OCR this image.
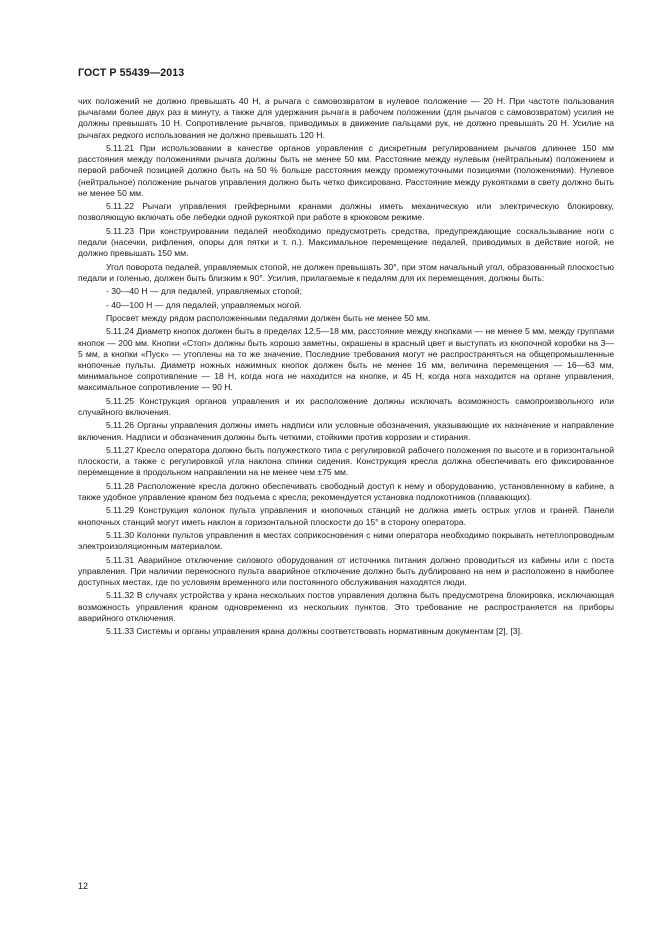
ГОСТ Р 55439—2013

чих положений не должно превышать 40 Н, а рычага с самовозвратом в нулевое положение — 20 Н. При частоте пользования рычагами более двух раз в минуту, а также для удержания рычага в рабочем положении (для рычагов с самовозвратом) усилия не должны превышать 10 Н. Сопротивление рычагов, приводимых в движение пальцами рук, не должно превышать 20 Н. Усилие на рычагах редкого использования не должно превышать 120 Н.

5.11.21 При использовании в качестве органов управления с дискретным регулированием рычагов длиннее 150 мм расстояния между положениями рычага должны быть не менее 50 мм. Расстояние между нулевым (нейтральным) положением и первой рабочей позицией должно быть на 50 % больше расстояния между промежуточными позициями (положениями). Нулевое (нейтральное) положение рычагов управления должно быть четко фиксировано. Расстояние между рукоятками в свету должно быть не менее 50 мм.

5.11.22 Рычаги управления грейферными кранами должны иметь механическую или электрическую блокировку, позволяющую включать обе лебедки одной рукояткой при работе в крюковом режиме.

5.11.23 При конструировании педалей необходимо предусмотреть средства, предупреждающие соскальзывание ноги с педали (насечки, рифления, опоры для пятки и т. п.). Максимальное перемещение педалей, приводимых в действие ногой, не должно превышать 150 мм.

Угол поворота педалей, управляемых стопой, не должен превышать 30°, при этом начальный угол, образованный плоскостью педали и голенью, должен быть близким к 90°. Усилия, прилагаемые к педалям для их перемещения, должны быть:

- 30—40 Н — для педалей, управляемых стопой;

- 40—100 Н — для педалей, управляемых ногой.

Просвет между рядом расположенными педалями должен быть не менее 50 мм.

5.11.24 Диаметр кнопок должен быть в пределах 12,5—18 мм, расстояние между кнопками — не менее 5 мм, между группами кнопок — 200 мм. Кнопки «Стоп» должны быть хорошо заметны, окрашены в красный цвет и выступать из кнопочной коробки на 3—5 мм, а кнопки «Пуск» — утоплены на то же значение. Последние требования могут не распространяться на общепромышленные кнопочные пульты. Диаметр ножных нажимных кнопок должен быть не менее 16 мм, величина перемещения — 16—63 мм, минимальное сопротивление — 18 Н, когда нога не находится на кнопке, и 45 Н, когда нога находится на органе управления, максимальное сопротивление — 90 Н.

5.11.25 Конструкция органов управления и их расположение должны исключать возможность самопроизвольного или случайного включения.

5.11.26 Органы управления должны иметь надписи или условные обозначения, указывающие их назначение и направление включения. Надписи и обозначения должны быть четкими, стойкими против коррозии и стирания.

5.11.27 Кресло оператора должно быть полужесткого типа с регулировкой рабочего положения по высоте и в горизонтальной плоскости, а также с регулировкой угла наклона спинки сидения. Конструкция кресла должна обеспечивать его фиксированное перемещение в продольном направлении на не менее чем ±75 мм.

5.11.28 Расположение кресла должно обеспечивать свободный доступ к нему и оборудованию, установленному в кабине, а также удобное управление краном без подъема с кресла; рекомендуется установка подлокотников (плавающих).

5.11.29 Конструкция колонок пульта управления и кнопочных станций не должна иметь острых углов и граней. Панели кнопочных станций могут иметь наклон в горизонтальной плоскости до 15° в сторону оператора.

5.11.30 Колонки пультов управления в местах соприкосновения с ними оператора необходимо покрывать нетеплопроводным электроизоляционным материалом.

5.11.31 Аварийное отключение силового оборудования от источника питания должно проводиться из кабины или с поста управления. При наличии переносного пульта аварийное отключение должно быть дублировано на нем и расположено в наиболее доступных местах, где по условиям временного или постоянного обслуживания находятся люди.

5.11.32 В случаях устройства у крана нескольких постов управления должна быть предусмотрена блокировка, исключающая возможность управления краном одновременно из нескольких пунктов. Это требование не распространяется на приборы аварийного отключения.

5.11.33 Системы и органы управления крана должны соответствовать нормативным документам [2], [3].

12
